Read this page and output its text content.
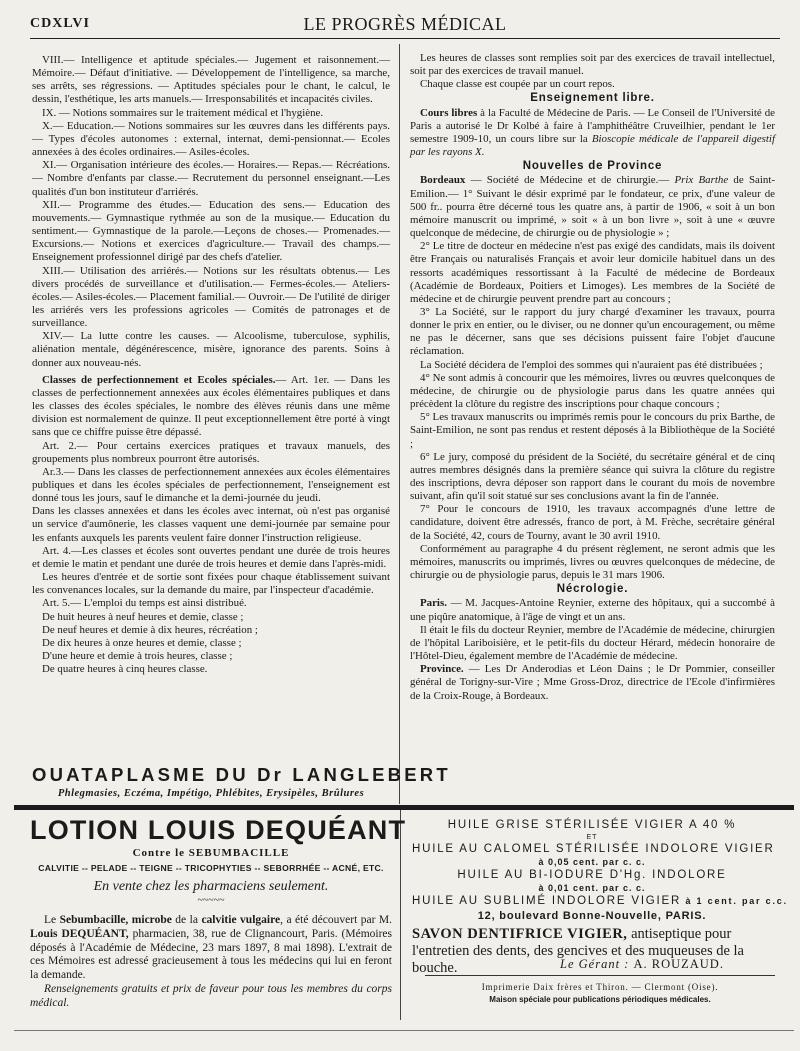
CDXLVI	LE PROGRÈS MÉDICAL

VIII.— Intelligence et aptitude spéciales.— Jugement et raisonnement.— Mémoire.— Défaut d'initiative. — Développement de l'intelligence, sa marche, ses arrêts, ses régressions. — Aptitudes spéciales pour le chant, le calcul, le dessin, l'esthétique, les arts manuels.— Irresponsabilités et incapacités civiles.

IX. — Notions sommaires sur le traitement médical et l'hygiène.

X.— Education.— Notions sommaires sur les œuvres dans les différents pays.— Types d'écoles autonomes : external, internat, demi-pensionnat.— Ecoles annexées à des écoles ordinaires.— Asiles-écoles.

XI.— Organisation intérieure des écoles.— Horaires.— Repas.— Récréations.— Nombre d'enfants par classe.— Recrutement du personnel enseignant.—Les qualités d'un bon instituteur d'arriérés.

XII.— Programme des études.— Education des sens.— Education des mouvements.— Gymnastique rythmée au son de la musique.— Education du sentiment.— Gymnastique de la parole.—Leçons de choses.— Promenades.— Excursions.— Notions et exercices d'agriculture.— Travail des champs.— Enseignement professionnel dirigé par des chefs d'atelier.

XIII.— Utilisation des arriérés.— Notions sur les résultats obtenus.— Les divers procédés de surveillance et d'utilisation.— Fermes-écoles.— Ateliers-écoles.— Asiles-écoles.— Placement familial.— Ouvroir.— De l'utilité de diriger les arriérés vers les professions agricoles — Comités de patronages et de surveillance.

XIV.— La lutte contre les causes. — Alcoolisme, tuberculose, syphilis, aliénation mentale, dégénérescence, misère, ignorance des parents. Soins à donner aux nouveau-nés.

Classes de perfectionnement et Ecoles spéciales.— Art. 1er. — Dans les classes de perfectionnement annexées aux écoles élémentaires publiques et dans les classes des écoles spéciales, le nombre des élèves réunis dans une même division est normalement de quinze. Il peut exceptionnellement être porté à vingt sans que ce chiffre puisse être dépassé.

Art. 2.— Pour certains exercices pratiques et travaux manuels, des groupements plus nombreux pourront être autorisés.

Ar.3.— Dans les classes de perfectionnement annexées aux écoles élémentaires publiques et dans les écoles spéciales de perfectionnement, l'enseignement est donné tous les jours, sauf le dimanche et la demi-journée du jeudi.

Dans les classes annexées et dans les écoles avec internat, où n'est pas organisé un service d'aumônerie, les classes vaquent une demi-journée par semaine pour les enfants auxquels les parents veulent faire donner l'instruction religieuse.

Art. 4.—Les classes et écoles sont ouvertes pendant une durée de trois heures et demie le matin et pendant une durée de trois heures et demie dans l'après-midi.

Les heures d'entrée et de sortie sont fixées pour chaque établissement suivant les convenances locales, sur la demande du maire, par l'inspecteur d'académie.

Art. 5.— L'emploi du temps est ainsi distribué.

De huit heures à neuf heures et demie, classe ;

De neuf heures et demie à dix heures, récréation ;

De dix heures à onze heures et demie, classe ;

D'une heure et demie à trois heures, classe ;

De quatre heures à cinq heures classe.

Les heures de classes sont remplies soit par des exercices de travail intellectuel, soit par des exercices de travail manuel.

Chaque classe est coupée par un court repos.

Enseignement libre.

Cours libres à la Faculté de Médecine de Paris. — Le Conseil de l'Université de Paris a autorisé le Dr Kolbé à faire à l'amphithéâtre Cruveilhier, pendant le 1er semestre 1909-10, un cours libre sur la Bioscopie médicale de l'appareil digestif par les rayons X.

Nouvelles de Province

Bordeaux — Société de Médecine et de chirurgie.— Prix Barthe de Saint-Emilion.— 1° Suivant le désir exprimé par le fondateur, ce prix, d'une valeur de 500 fr.. pourra être décerné tous les quatre ans, à partir de 1906, « soit à un bon mémoire manuscrit ou imprimé, » soit « à un bon livre », soit à une « œuvre quelconque de médecine, de chirurgie ou de physiologie » ;

2° Le titre de docteur en médecine n'est pas exigé des candidats, mais ils doivent être Français ou naturalisés Français et avoir leur domicile habituel dans un des ressorts académiques ressortissant à la Faculté de médecine de Bordeaux (Académie de Bordeaux, Poitiers et Limoges). Les membres de la Société de médecine et de chirurgie peuvent prendre part au concours ;

3° La Société, sur le rapport du jury chargé d'examiner les travaux, pourra donner le prix en entier, ou le diviser, ou ne donner qu'un encouragement, ou même ne pas le décerner, sans que ses décisions puissent faire l'objet d'aucune réclamation.

La Société décidera de l'emploi des sommes qui n'auraient pas été distribuées ;

4° Ne sont admis à concourir que les mémoires, livres ou œuvres quelconques de médecine, de chirurgie ou de physiologie parus dans les quatre années qui précèdent la clôture du registre des inscriptions pour chaque concours ;

5° Les travaux manuscrits ou imprimés remis pour le concours du prix Barthe, de Saint-Emilion, ne sont pas rendus et restent déposés à la Bibliothèque de la Société ;

6° Le jury, composé du président de la Société, du secrétaire général et de cinq autres membres désignés dans la première séance qui suivra la clôture du registre des inscriptions, devra déposer son rapport dans le courant du mois de novembre suivant, afin qu'il soit statué sur ses conclusions avant la fin de l'année.

7° Pour le concours de 1910, les travaux accompagnés d'une lettre de candidature, doivent être adressés, franco de port, à M. Frèche, secrétaire général de la Société, 42, cours de Tourny, avant le 30 avril 1910.

Conformément au paragraphe 4 du présent règlement, ne seront admis que les mémoires, manuscrits ou imprimés, livres ou œuvres quelconques de médecine, de chirurgie ou de physiologie parus, depuis le 31 mars 1906.

Nécrologie.

Paris. — M. Jacques-Antoine Reynier, externe des hôpitaux, qui a succombé à une piqûre anatomique, à l'âge de vingt et un ans.

Il était le fils du docteur Reynier, membre de l'Académie de médecine, chirurgien de l'hôpital Lariboisière, et le petit-fils du docteur Hérard, médecin honoraire de l'Hôtel-Dieu, également membre de l'Académie de médecine.

Province. — Les Dr Anderodias et Léon Dains ; le Dr Pommier, conseiller général de Torigny-sur-Vire ; Mme Gross-Droz, directrice de l'Ecole d'infirmières de la Croix-Rouge, à Bordeaux.

OUATAPLASME DU Dr LANGLEBERT
Phlegmasies, Eczéma, Impétigo, Phlébites, Erysipèles, Brûlures
LOTION LOUIS DEQUÉANT
Contre le SEBUMBACILLE
CALVITIE -- PELADE -- TEIGNE -- TRICOPHYTIES -- SEBORRHÉE -- ACNÉ, ETC.
En vente chez les pharmaciens seulement.
~~~~~

Le Sebumbacille, microbe de la calvitie vulgaire, a été découvert par M. Louis DEQUÉANT, pharmacien, 38, rue de Clignancourt, Paris. (Mémoires déposés à l'Académie de Médecine, 23 mars 1897, 8 mai 1898). L'extrait de ces Mémoires est adressé gracieusement à tous les médecins qui lui en feront la demande.

Renseignements gratuits et prix de faveur pour tous les membres du corps médical.

HUILE GRISE STÉRILISÉE VIGIER A 40 %
ET
HUILE AU CALOMEL STÉRILISÉE INDOLORE VIGIER
à 0,05 cent. par c. c.
HUILE AU BI-IODURE D'Hg. INDOLORE
à 0,01 cent. par c. c.
HUILE AU SUBLIMÉ INDOLORE VIGIER à 1 cent. par c.c.
12, boulevard Bonne-Nouvelle, PARIS.
SAVON DENTIFRICE VIGIER, antiseptique pour l'entretien des dents, des gencives et des muqueuses de la bouche.	Le Gérant : A. ROUZAUD.
Imprimerie Daix frères et Thiron. — Clermont (Oise).
Maison spéciale pour publications périodiques médicales.
